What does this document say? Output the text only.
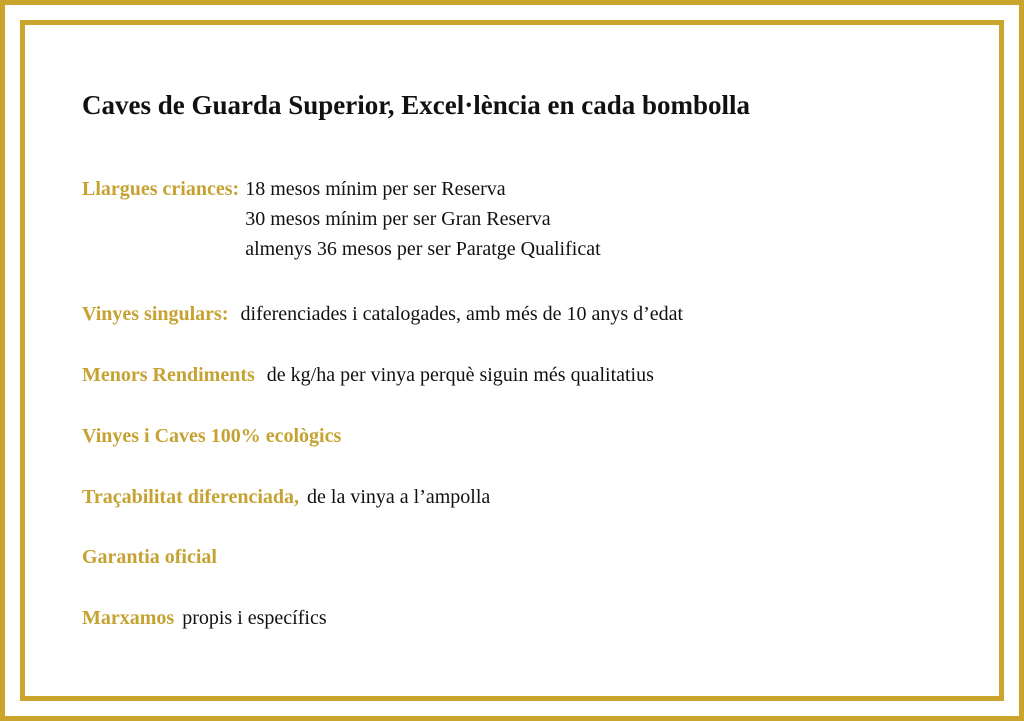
Caves de Guarda Superior, Excel·lència en cada bombolla
Llargues criances: 18 mesos mínim per ser Reserva
30 mesos mínim per ser Gran Reserva
almenys 36 mesos per ser Paratge Qualificat
Vinyes singulars: diferenciades i catalogades, amb més de 10 anys d’edat
Menors Rendiments de kg/ha per vinya perquè siguin més qualitatius
Vinyes i Caves 100% ecològics
Traçabilitat diferenciada, de la vinya a l’ampolla
Garantia oficial
Marxamos propis i específics
